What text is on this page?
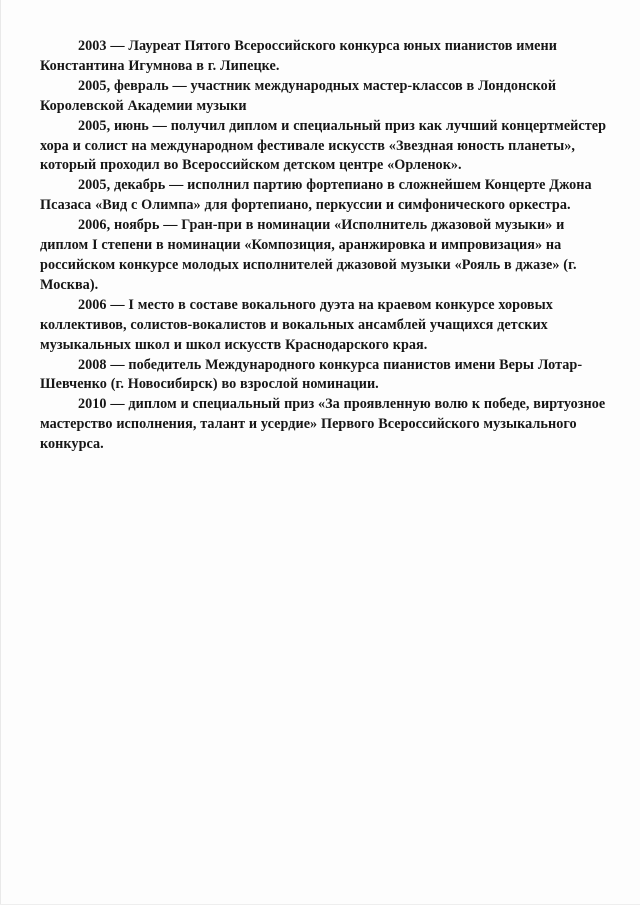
2003 — Лауреат Пятого Всероссийского конкурса юных пианистов имени Константина Игумнова в г. Липецке.

2005, февраль — участник международных мастер-классов в Лондонской Королевской Академии музыки

2005, июнь — получил диплом и специальный приз как лучший концертмейстер хора и солист на международном фестивале искусств «Звездная юность планеты», который проходил во Всероссийском детском центре «Орленок».

2005, декабрь — исполнил партию фортепиано в сложнейшем Концерте Джона Псазаса «Вид с Олимпа» для фортепиано, перкуссии и симфонического оркестра.

2006, ноябрь — Гран-при в номинации «Исполнитель джазовой музыки» и диплом I степени в номинации «Композиция, аранжировка и импровизация» на российском конкурсе молодых исполнителей джазовой музыки «Рояль в джазе» (г. Москва).

2006 — I место в составе вокального дуэта на краевом конкурсе хоровых коллективов, солистов-вокалистов и вокальных ансамблей учащихся детских музыкальных школ и школ искусств Краснодарского края.

2008 — победитель Международного конкурса пианистов имени Веры Лотар-Шевченко (г. Новосибирск) во взрослой номинации.

2010 — диплом и специальный приз «За проявленную волю к победе, виртуозное мастерство исполнения, талант и усердие» Первого Всероссийского музыкального конкурса.
